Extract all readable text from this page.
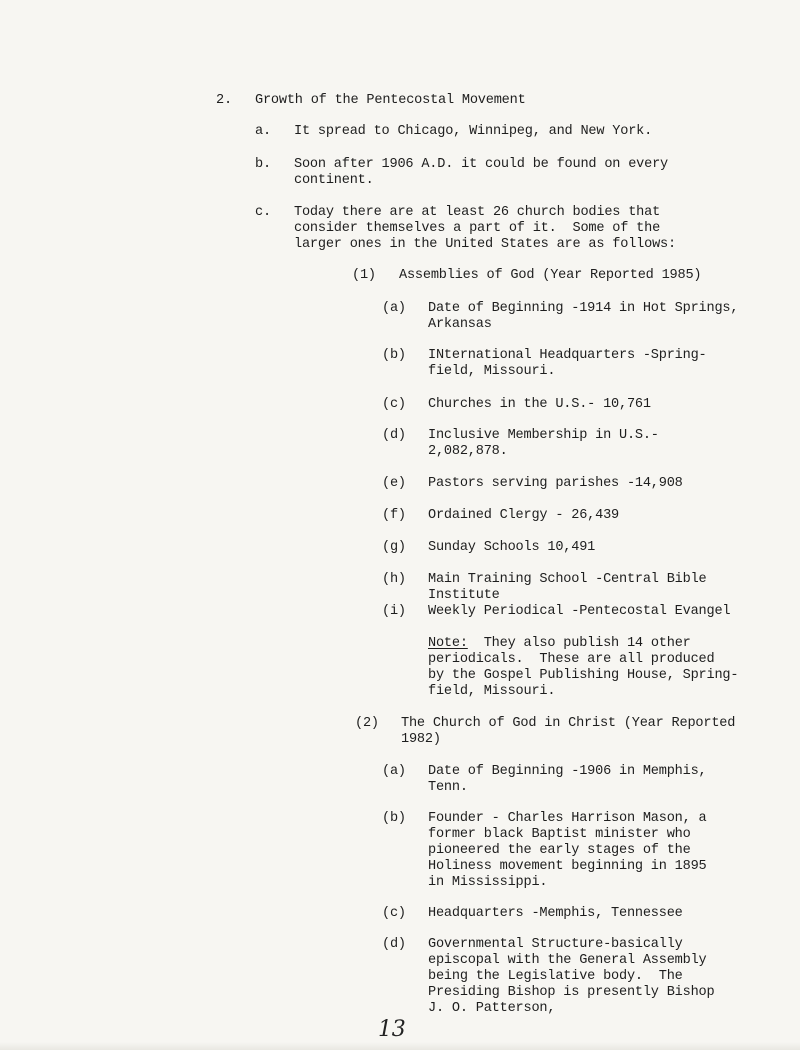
2. Growth of the Pentecostal Movement
a. It spread to Chicago, Winnipeg, and New York.
b. Soon after 1906 A.D. it could be found on every
continent.
c. Today there are at least 26 church bodies that
consider themselves a part of it.  Some of the
larger ones in the United States are as follows:
(1) Assemblies of God (Year Reported 1985)
(a) Date of Beginning -1914 in Hot Springs,
Arkansas
(b) INternational Headquarters -Spring-
field, Missouri.
(c) Churches in the U.S.- 10,761
(d) Inclusive Membership in U.S.-
2,082,878.
(e) Pastors serving parishes -14,908
(f) Ordained Clergy - 26,439
(g) Sunday Schools 10,491
(h) Main Training School -Central Bible
Institute
(i) Weekly Periodical -Pentecostal Evangel
Note:  They also publish 14 other
periodicals.  These are all produced
by the Gospel Publishing House, Spring-
field, Missouri.
(2) The Church of God in Christ (Year Reported
1982)
(a) Date of Beginning -1906 in Memphis,
Tenn.
(b) Founder - Charles Harrison Mason, a
former black Baptist minister who
pioneered the early stages of the
Holiness movement beginning in 1895
in Mississippi.
(c) Headquarters -Memphis, Tennessee
(d) Governmental Structure-basically
episcopal with the General Assembly
being the Legislative body.  The
Presiding Bishop is presently Bishop
J. O. Patterson,
13
